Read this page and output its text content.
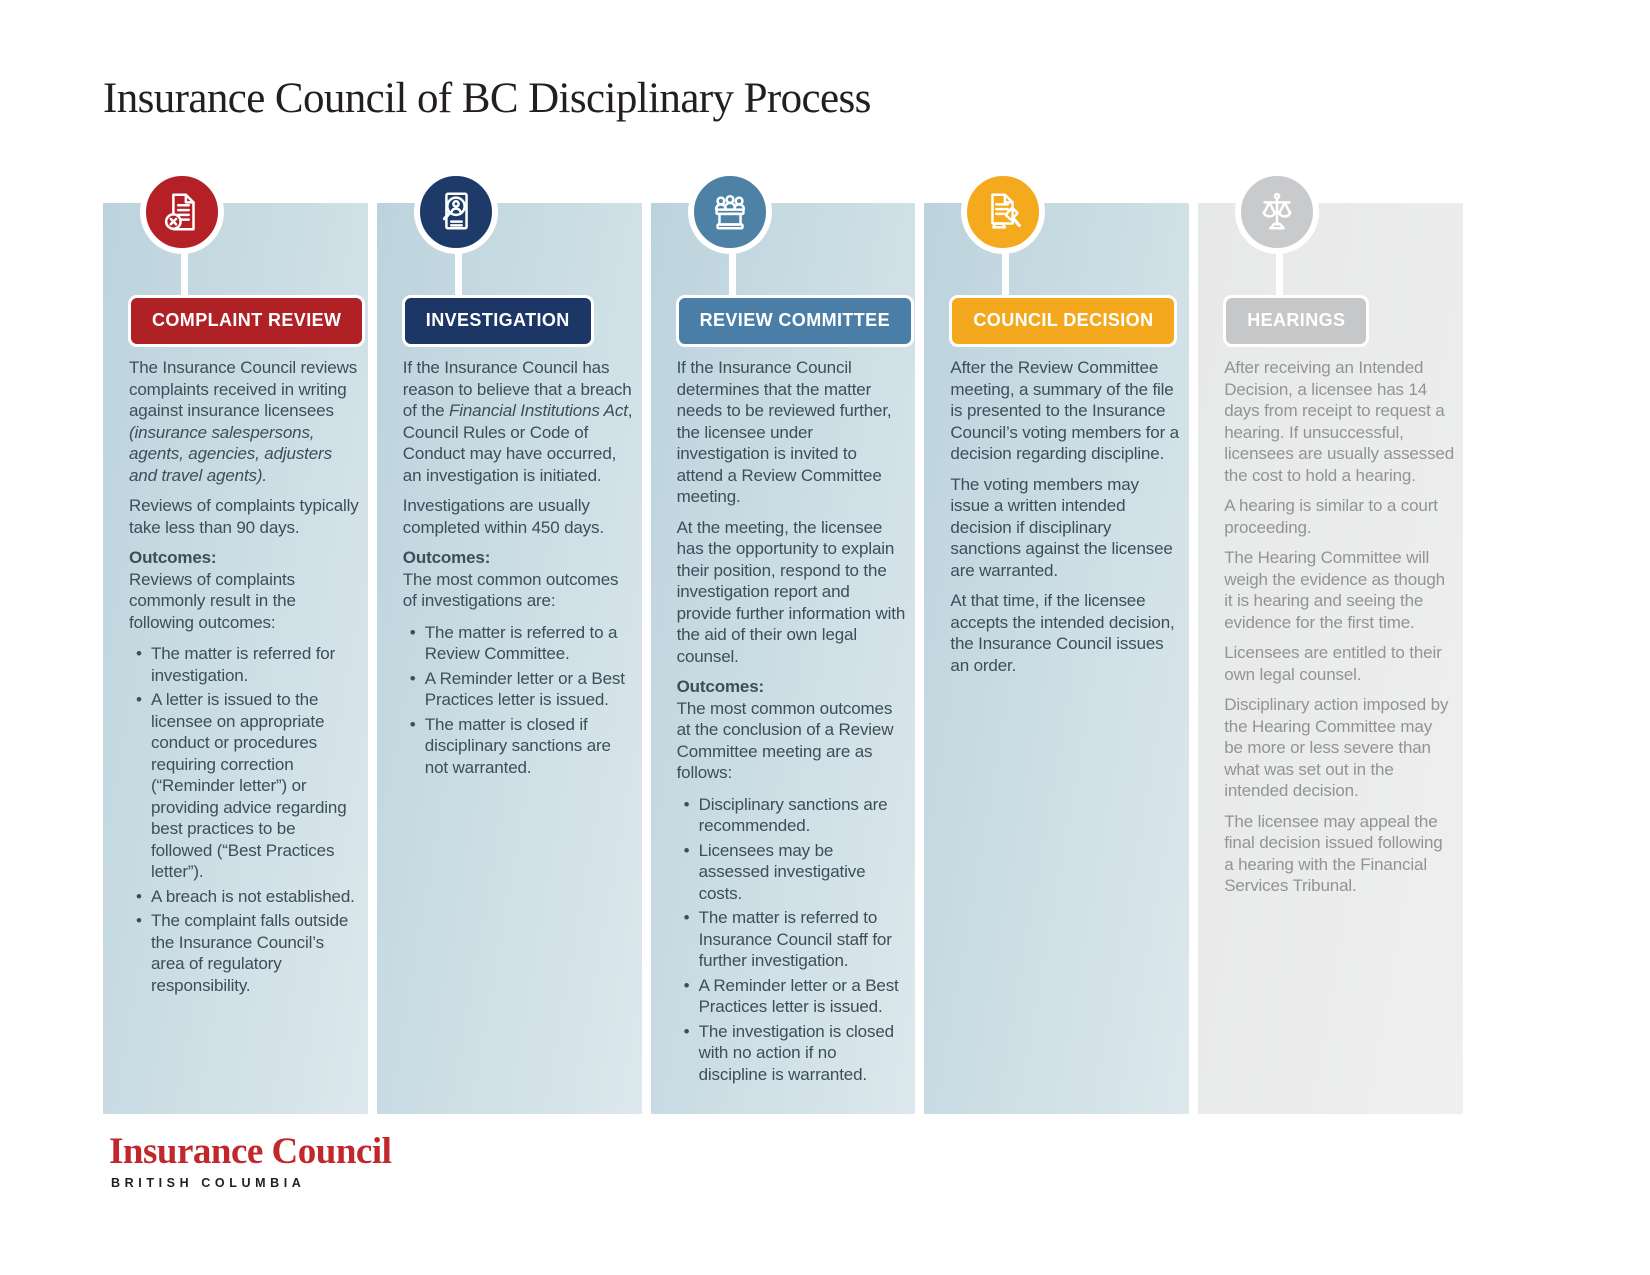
Insurance Council of BC Disciplinary Process
COMPLAINT REVIEW

The Insurance Council reviews complaints received in writing against insurance licensees (insurance salespersons, agents, agencies, adjusters and travel agents).

Reviews of complaints typically take less than 90 days.

Outcomes:
Reviews of complaints commonly result in the following outcomes:

• The matter is referred for investigation.
• A letter is issued to the licensee on appropriate conduct or procedures requiring correction (“Reminder letter”) or providing advice regarding best practices to be followed (“Best Practices letter”).
• A breach is not established.
• The complaint falls outside the Insurance Council’s area of regulatory responsibility.
INVESTIGATION

If the Insurance Council has reason to believe that a breach of the Financial Institutions Act, Council Rules or Code of Conduct may have occurred, an investigation is initiated.

Investigations are usually completed within 450 days.

Outcomes:
The most common outcomes of investigations are:

• The matter is referred to a Review Committee.
• A Reminder letter or a Best Practices letter is issued.
• The matter is closed if disciplinary sanctions are not warranted.
REVIEW COMMITTEE

If the Insurance Council determines that the matter needs to be reviewed further, the licensee under investigation is invited to attend a Review Committee meeting.

At the meeting, the licensee has the opportunity to explain their position, respond to the investigation report and provide further information with the aid of their own legal counsel.

Outcomes:
The most common outcomes at the conclusion of a Review Committee meeting are as follows:

• Disciplinary sanctions are recommended.
• Licensees may be assessed investigative costs.
• The matter is referred to Insurance Council staff for further investigation.
• A Reminder letter or a Best Practices letter is issued.
• The investigation is closed with no action if no discipline is warranted.
COUNCIL DECISION

After the Review Committee meeting, a summary of the file is presented to the Insurance Council’s voting members for a decision regarding discipline.

The voting members may issue a written intended decision if disciplinary sanctions against the licensee are warranted.

At that time, if the licensee accepts the intended decision, the Insurance Council issues an order.

HEARINGS

After receiving an Intended Decision, a licensee has 14 days from receipt to request a hearing. If unsuccessful, licensees are usually assessed the cost to hold a hearing.

A hearing is similar to a court proceeding.

The Hearing Committee will weigh the evidence as though it is hearing and seeing the evidence for the first time.

Licensees are entitled to their own legal counsel.

Disciplinary action imposed by the Hearing Committee may be more or less severe than what was set out in the intended decision.

The licensee may appeal the final decision issued following a hearing with the Financial Services Tribunal.

Insurance Council

BRITISH COLUMBIA
